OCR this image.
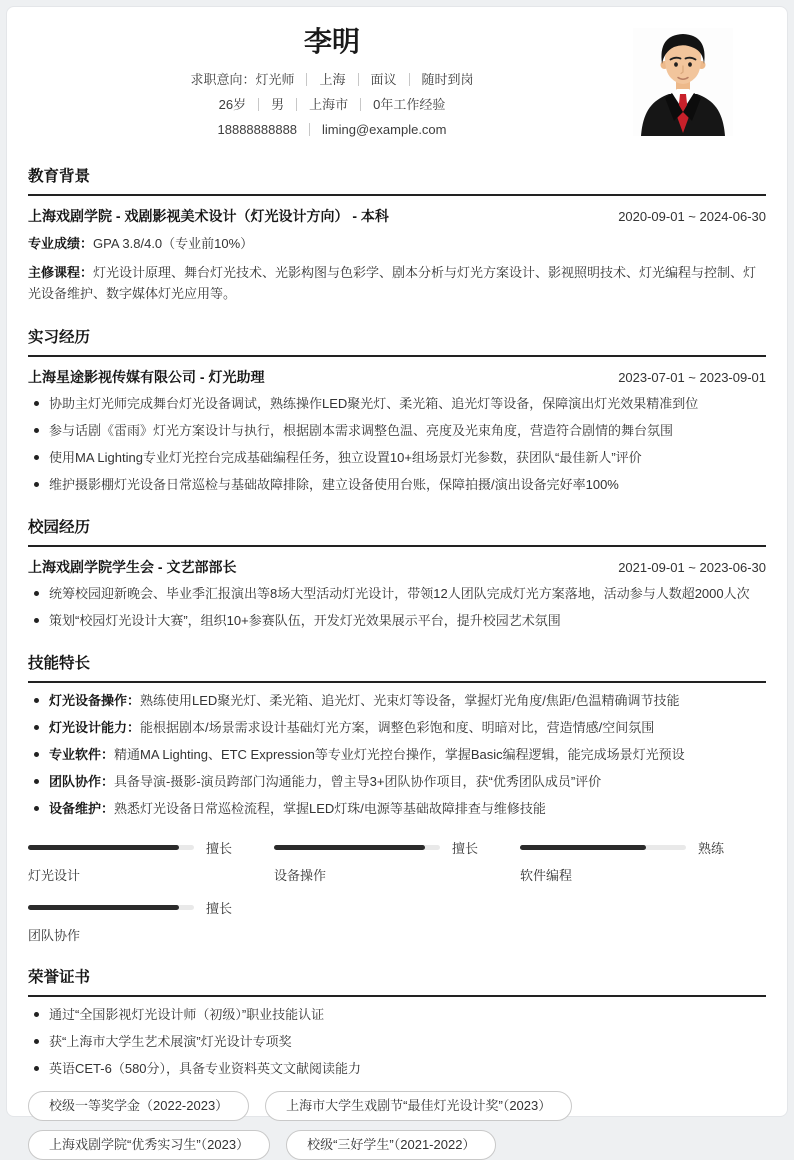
李明
求职意向：灯光师 上海 面议 随时到岗
26岁 男 上海市 0年工作经验
18888888888 liming@example.com
教育背景
上海戏剧学院 - 戏剧影视美术设计（灯光设计方向） - 本科	2020-09-01 ~ 2024-06-30
专业成绩：GPA 3.8/4.0（专业前10%）
主修课程：灯光设计原理、舞台灯光技术、光影构图与色彩学、剧本分析与灯光方案设计、影视照明技术、灯光编程与控制、灯光设备维护、数字媒体灯光应用等。
实习经历
上海星途影视传媒有限公司 - 灯光助理	2023-07-01 ~ 2023-09-01
协助主灯光师完成舞台灯光设备调试，熟练操作LED聚光灯、柔光箱、追光灯等设备，保障演出灯光效果精准到位
参与话剧《雷雨》灯光方案设计与执行，根据剧本需求调整色温、亮度及光束角度，营造符合剧情的舞台氛围
使用MA Lighting专业灯光控台完成基础编程任务，独立设置10+组场景灯光参数，获团队“最佳新人”评价
维护摄影棚灯光设备日常巡检与基础故障排除，建立设备使用台账，保障拍摄/演出设备完好率100%
校园经历
上海戏剧学院学生会 - 文艺部部长	2021-09-01 ~ 2023-06-30
统筹校园迎新晚会、毕业季汇报演出等8场大型活动灯光设计，带领12人团队完成灯光方案落地，活动参与人数超2000人次
策划“校园灯光设计大赛”，组织10+参赛队伍，开发灯光效果展示平台，提升校园艺术氛围
技能特长
灯光设备操作：熟练使用LED聚光灯、柔光箱、追光灯、光束灯等设备，掌握灯光角度/焦距/色温精确调节技能
灯光设计能力：能根据剧本/场景需求设计基础灯光方案，调整色彩饱和度、明暗对比，营造情感/空间氛围
专业软件：精通MA Lighting、ETC Expression等专业灯光控台操作，掌握Basic编程逻辑，能完成场景灯光预设
团队协作：具备导演-摄影-演员跨部门沟通能力，曾主导3+团队协作项目，获“优秀团队成员”评价
设备维护：熟悉灯光设备日常巡检流程，掌握LED灯珠/电源等基础故障排查与维修技能
擅长
灯光设计
擅长
设备操作
熟练
软件编程
擅长
团队协作
荣誉证书
通过“全国影视灯光设计师（初级）”职业技能认证
获“上海市大学生艺术展演”灯光设计专项奖
英语CET-6（580分），具备专业资料英文文献阅读能力
校级一等奖学金（2022-2023）	上海市大学生戏剧节“最佳灯光设计奖”（2023）
上海戏剧学院“优秀实习生”（2023）	校级“三好学生”（2021-2022）
